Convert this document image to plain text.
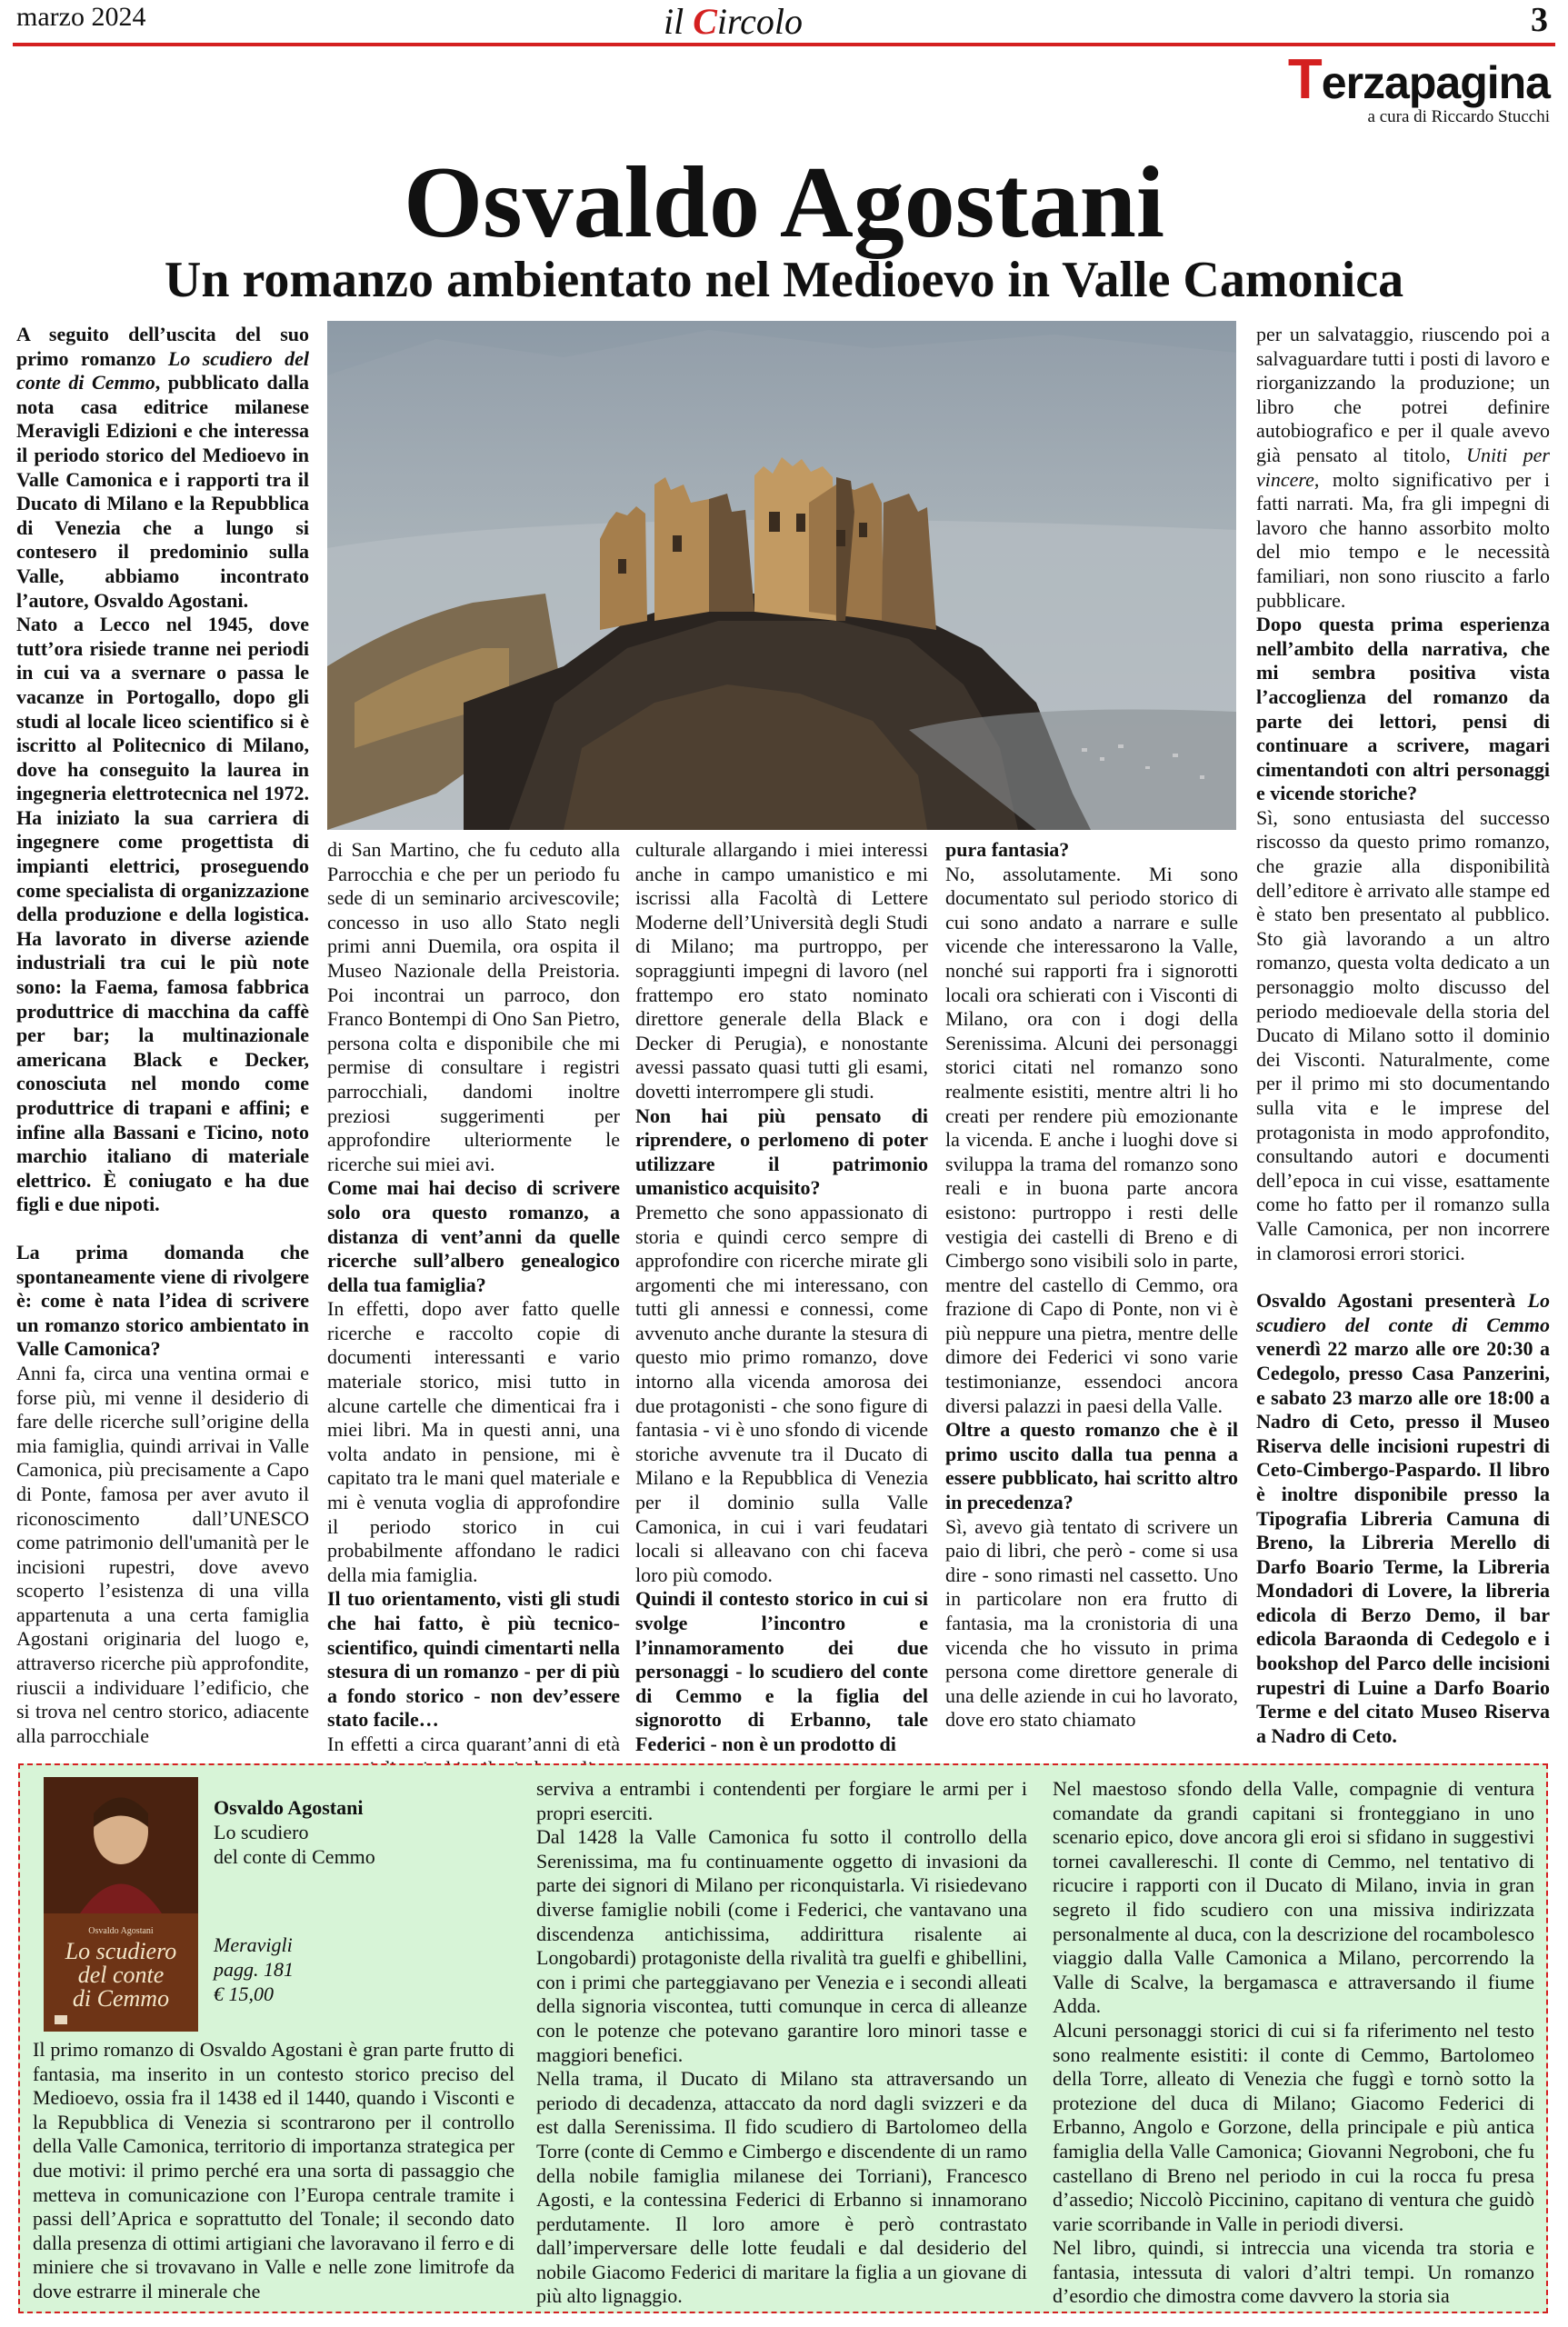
marzo 2024	il Circolo	3
Terzapagina
a cura di Riccardo Stucchi
Osvaldo Agostani
Un romanzo ambientato nel Medioevo in Valle Camonica

A seguito dell’uscita del suo primo romanzo Lo scudiero del conte di Cemmo, pubblicato dalla nota casa editrice milanese Meravigli Edizioni e che interessa il periodo storico del Medioevo in Valle Camonica e i rapporti tra il Ducato di Milano e la Repubblica di Venezia che a lungo si contesero il predominio sulla Valle, abbiamo incontrato l’autore, Osvaldo Agostani.

Nato a Lecco nel 1945, dove tutt’ora risiede tranne nei periodi in cui va a svernare o passa le vacanze in Portogallo, dopo gli studi al locale liceo scientifico si è iscritto al Politecnico di Milano, dove ha conseguito la laurea in ingegneria elettrotecnica nel 1972. Ha iniziato la sua carriera di ingegnere come progettista di impianti elettrici, proseguendo come specialista di organizzazione della produzione e della logistica. Ha lavorato in diverse aziende industriali tra cui le più note sono: la Faema, famosa fabbrica produttrice di macchina da caffè per bar; la multinazionale americana Black e Decker, conosciuta nel mondo come produttrice di trapani e affini; e infine alla Bassani e Ticino, noto marchio italiano di materiale elettrico. È coniugato e ha due figli e due nipoti.

La prima domanda che spontaneamente viene di rivolgere è: come è nata l’idea di scrivere un romanzo storico ambientato in Valle Camonica?

Anni fa, circa una ventina ormai e forse più, mi venne il desiderio di fare delle ricerche sull’origine della mia famiglia, quindi arrivai in Valle Camonica, più precisamente a Capo di Ponte, famosa per aver avuto il riconoscimento dall’UNESCO come patrimonio dell'umanità per le incisioni rupestri, dove avevo scoperto l’esistenza di una villa appartenuta a una certa famiglia Agostani originaria del luogo e, attraverso ricerche più approfondite, riuscii a individuare l’edificio, che si trova nel centro storico, adiacente alla parrocchiale

di San Martino, che fu ceduto alla Parrocchia e che per un periodo fu sede di un seminario arcivescovile; concesso in uso allo Stato negli primi anni Duemila, ora ospita il Museo Nazionale della Preistoria. Poi incontrai un parroco, don Franco Bontempi di Ono San Pietro, persona colta e disponibile che mi permise di consultare i registri parrocchiali, dandomi inoltre preziosi suggerimenti per approfondire ulteriormente le ricerche sui miei avi.

Come mai hai deciso di scrivere solo ora questo romanzo, a distanza di vent’anni da quelle ricerche sull’albero genealogico della tua famiglia?

In effetti, dopo aver fatto quelle ricerche e raccolto copie di documenti interessanti e vario materiale storico, misi tutto in alcune cartelle che dimenticai fra i miei libri. Ma in questi anni, una volta andato in pensione, mi è capitato tra le mani quel materiale e mi è venuta voglia di approfondire il periodo storico in cui probabilmente affondano le radici della mia famiglia.

Il tuo orientamento, visti gli studi che hai fatto, è più tecnico-scientifico, quindi cimentarti nella stesura di un romanzo - per di più a fondo storico - non dev’essere stato facile…

In effetti a circa quarant’anni di età

culturale allargando i miei interessi anche in campo umanistico e mi iscrissi alla Facoltà di Lettere Moderne dell’Università degli Studi di Milano; ma purtroppo, per sopraggiunti impegni di lavoro (nel frattempo ero stato nominato direttore generale della Black e Decker di Perugia), e nonostante avessi passato quasi tutti gli esami, dovetti interrompere gli studi.

Non hai più pensato di riprendere, o perlomeno di poter utilizzare il patrimonio umanistico acquisito?

Premetto che sono appassionato di storia e quindi cerco sempre di approfondire con ricerche mirate gli argomenti che mi interessano, con tutti gli annessi e connessi, come avvenuto anche durante la stesura di questo mio primo romanzo, dove intorno alla vicenda amorosa dei due protagonisti - che sono figure di fantasia - vi è uno sfondo di vicende storiche avvenute tra il Ducato di Milano e la Repubblica di Venezia per il dominio sulla Valle Camonica, in cui i vari feudatari locali si alleavano con chi faceva loro più comodo.

Quindi il contesto storico in cui si svolge l’incontro e l’innamoramento dei due personaggi - lo scudiero del conte di Cemmo e la figlia del signorotto di Erbanno, tale Federici - non è un prodotto di

pura fantasia?

No, assolutamente. Mi sono documentato sul periodo storico di cui sono andato a narrare e sulle vicende che interessarono la Valle, nonché sui rapporti fra i signorotti locali ora schierati con i Visconti di Milano, ora con i dogi della Serenissima. Alcuni dei personaggi storici citati nel romanzo sono realmente esistiti, mentre altri li ho creati per rendere più emozionante la vicenda. E anche i luoghi dove si sviluppa la trama del romanzo sono reali e in buona parte ancora esistono: purtroppo i resti delle vestigia dei castelli di Breno e di Cimbergo sono visibili solo in parte, mentre del castello di Cemmo, ora frazione di Capo di Ponte, non vi è più neppure una pietra, mentre delle dimore dei Federici vi sono varie testimonianze, essendoci ancora diversi palazzi in paesi della Valle.

Oltre a questo romanzo che è il primo uscito dalla tua penna a essere pubblicato, hai scritto altro in precedenza?

Sì, avevo già tentato di scrivere un paio di libri, che però - come si usa dire - sono rimasti nel cassetto. Uno in particolare non era frutto di fantasia, ma la cronistoria di una vicenda che ho vissuto in prima persona come direttore generale di una delle aziende in cui ho lavorato, dove ero stato chiamato

per un salvataggio, riuscendo poi a salvaguardare tutti i posti di lavoro e riorganizzando la produzione; un libro che potrei definire autobiografico e per il quale avevo già pensato al titolo, Uniti per vincere, molto significativo per i fatti narrati. Ma, fra gli impegni di lavoro che hanno assorbito molto del mio tempo e le necessità familiari, non sono riuscito a farlo pubblicare.

Dopo questa prima esperienza nell’ambito della narrativa, che mi sembra positiva vista l’accoglienza del romanzo da parte dei lettori, pensi di continuare a scrivere, magari cimentandoti con altri personaggi e vicende storiche?

Sì, sono entusiasta del successo riscosso da questo primo romanzo, che grazie alla disponibilità dell’editore è arrivato alle stampe ed è stato ben presentato al pubblico. Sto già lavorando a un altro romanzo, questa volta dedicato a un personaggio molto discusso del periodo medioevale della storia del Ducato di Milano sotto il dominio dei Visconti. Naturalmente, come per il primo mi sto documentando sulla vita e le imprese del protagonista in modo approfondito, consultando autori e documenti dell’epoca in cui visse, esattamente come ho fatto per il romanzo sulla Valle Camonica, per non incorrere in clamorosi errori storici.

Osvaldo Agostani presenterà Lo scudiero del conte di Cemmo venerdì 22 marzo alle ore 20:30 a Cedegolo, presso Casa Panzerini, e sabato 23 marzo alle ore 18:00 a Nadro di Ceto, presso il Museo Riserva delle incisioni rupestri di Ceto-Cimbergo-Paspardo. Il libro è inoltre disponibile presso la Tipografia Libreria Camuna di Breno, la Libreria Merello di Darfo Boario Terme, la Libreria Mondadori di Lovere, la libreria edicola di Berzo Demo, il bar edicola Baraonda di Cedegolo e i bookshop del Parco delle incisioni rupestri di Luine a Darfo Boario Terme e del citato Museo Riserva a Nadro di Ceto.

Osvaldo Agostani
Lo scudiero
del conte
di Cemmo
Osvaldo Agostani
Lo scudiero
del conte di Cemmo
Meravigli
pagg. 181
€ 15,00

Il primo romanzo di Osvaldo Agostani è gran parte frutto di fantasia, ma inserito in un contesto storico preciso del Medioevo, ossia fra il 1438 ed il 1440, quando i Visconti e la Repubblica di Venezia si scontrarono per il controllo della Valle Camonica, territorio di importanza strategica per due motivi: il primo perché era una sorta di passaggio che metteva in comunicazione con l’Europa centrale tramite i passi dell’Aprica e soprattutto del Tonale; il secondo dato dalla presenza di ottimi artigiani che lavoravano il ferro e di miniere che si trovavano in Valle e nelle zone limitrofe da dove estrarre il minerale che

serviva a entrambi i contendenti per forgiare le armi per i propri eserciti.

Dal 1428 la Valle Camonica fu sotto il controllo della Serenissima, ma fu continuamente oggetto di invasioni da parte dei signori di Milano per riconquistarla. Vi risiedevano diverse famiglie nobili (come i Federici, che vantavano una discendenza antichissima, addirittura risalente ai Longobardi) protagoniste della rivalità tra guelfi e ghibellini, con i primi che parteggiavano per Venezia e i secondi alleati della signoria viscontea, tutti comunque in cerca di alleanze con le potenze che potevano garantire loro minori tasse e maggiori benefici.

Nella trama, il Ducato di Milano sta attraversando un periodo di decadenza, attaccato da nord dagli svizzeri e da est dalla Serenissima. Il fido scudiero di Bartolomeo della Torre (conte di Cemmo e Cimbergo e discendente di un ramo della nobile famiglia milanese dei Torriani), Francesco Agosti, e la contessina Federici di Erbanno si innamorano perdutamente. Il loro amore è però contrastato dall’imperversare delle lotte feudali e dal desiderio del nobile Giacomo Federici di maritare la figlia a un giovane di più alto lignaggio.

Nel maestoso sfondo della Valle, compagnie di ventura comandate da grandi capitani si fronteggiano in uno scenario epico, dove ancora gli eroi si sfidano in suggestivi tornei cavallereschi. Il conte di Cemmo, nel tentativo di ricucire i rapporti con il Ducato di Milano, invia in gran segreto il fido scudiero con una missiva indirizzata personalmente al duca, con la descrizione del rocambolesco viaggio dalla Valle Camonica a Milano, percorrendo la Valle di Scalve, la bergamasca e attraversando il fiume Adda.

Alcuni personaggi storici di cui si fa riferimento nel testo sono realmente esistiti: il conte di Cemmo, Bartolomeo della Torre, alleato di Venezia che fuggì e tornò sotto la protezione del duca di Milano; Giacomo Federici di Erbanno, Angolo e Gorzone, della principale e più antica famiglia della Valle Camonica; Giovanni Negroboni, che fu castellano di Breno nel periodo in cui la rocca fu presa d’assedio; Niccolò Piccinino, capitano di ventura che guidò varie scorribande in Valle in periodi diversi.

Nel libro, quindi, si intreccia una vicenda tra storia e fantasia, intessuta di valori d’altri tempi. Un romanzo d’esordio che dimostra come davvero la storia sia
